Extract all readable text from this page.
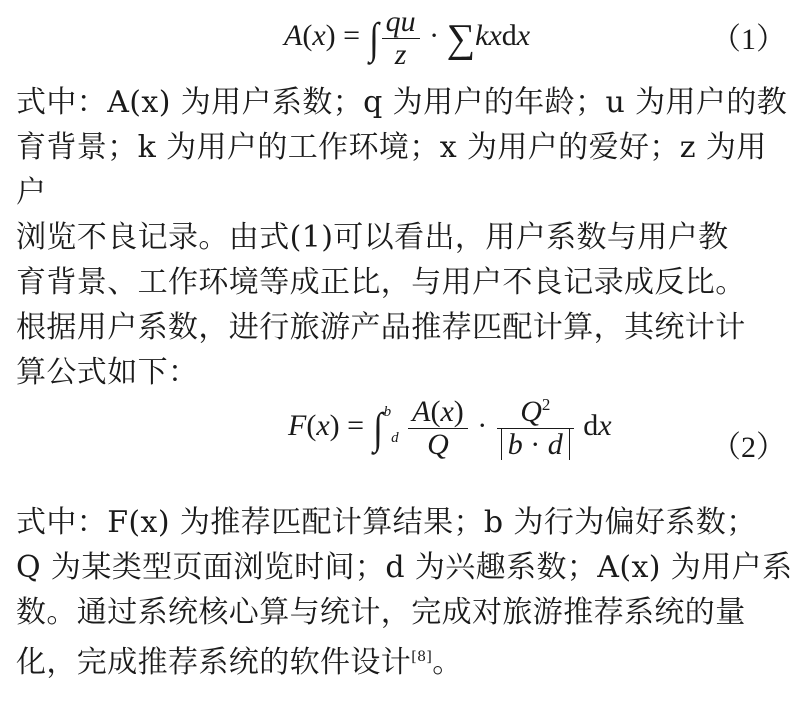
A(x) = ∫ $\frac{qu}{z}$ · ∑kxdx	（1）
式中：A(x) 为用户系数；q 为用户的年龄；u 为用户的教
育背景；k 为用户的工作环境；x 为用户的爱好；z 为用户
浏览不良记录。由式(1)可以看出，用户系数与用户教
育背景、工作环境等成正比，与用户不良记录成反比。
根据用户系数，进行旅游产品推荐匹配计算，其统计计
算公式如下：
$F(x) = \int bd \frac{A(x)}{Q} \cdot \frac{Q^2}{b \cdot d}$ dx
（2）
式中：F(x) 为推荐匹配计算结果；b 为行为偏好系数；
Q 为某类型页面浏览时间；d 为兴趣系数；A(x) 为用户系
数。通过系统核心算与统计，完成对旅游推荐系统的量
化，完成推荐系统的软件设计[8]。
